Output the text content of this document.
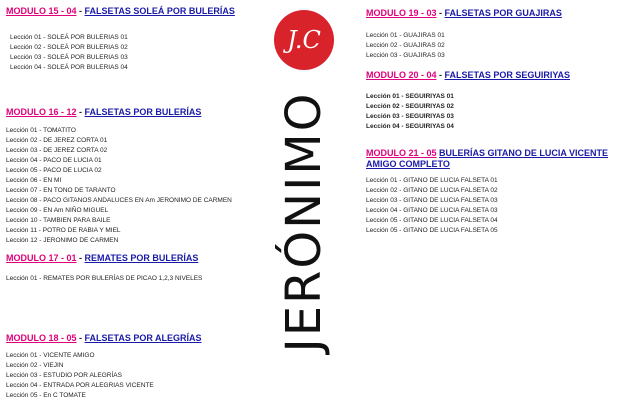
J.C
JERÓNIMO
MODULO 15 - 04 - FALSETAS SOLEÁ POR BULERÍAS
Lección 01 - SOLEÁ POR BULERIAS 01
Lección 02 - SOLEÁ POR BULERIAS 02
Lección 03 - SOLEÁ POR BULERIAS 03
Lección 04 - SOLEÁ POR BULERIAS 04
MODULO 16 - 12 - FALSETAS POR BULERÍAS
Lección 01 - TOMATITO
Lección 02 - DE JEREZ CORTA 01
Lección 03 - DE JEREZ CORTA 02
Lección 04 - PACO DE LUCIA 01
Lección 05 - PACO DE LUCIA 02
Lección 06 - EN MI
Lección 07 - EN TONO DE TARANTO
Lección 08 - PACO GITANOS ANDALUCES EN Am JERONIMO DE CARMEN
Lección 09 - EN Am NIÑO MIGUEL
Lección 10 - TAMBIEN PARA BAILE
Lección 11 - POTRO DE RABIA Y MIEL
Lección 12 - JERONIMO DE CARMEN
MODULO 17 - 01 - REMATES POR BULERÍAS
Lección 01 - REMATES POR BULERÍAS DE PICAO 1,2,3 NIVELES
MODULO 18 - 05 - FALSETAS POR ALEGRÍAS
Lección 01 - VICENTE AMIGO
Lección 02 - VIEJIN
Lección 03 - ESTUDIO POR ALEGRÍAS
Lección 04 - ENTRADA POR ALEGRIAS VICENTE
Lección 05 - En C TOMATE
MODULO 19 - 03 - FALSETAS POR GUAJIRAS
Lección 01 - GUAJIRAS 01
Lección 02 - GUAJIRAS 02
Lección 03 - GUAJIRAS 03
MODULO 20 - 04 - FALSETAS POR SEGUIRIYAS
Lección 01 - SEGUIRIYAS 01
Lección 02 - SEGUIRIYAS 02
Lección 03 - SEGUIRIYAS 03
Lección 04 - SEGUIRIYAS 04
MODULO 21 - 05 BULERÍAS GITANO DE LUCIA VICENTE AMIGO COMPLETO
Lección 01 - GITANO DE LUCIA FALSETA 01
Lección 02 - GITANO DE LUCIA FALSETA 02
Lección 03 - GITANO DE LUCIA FALSETA 03
Lección 04 - GITANO DE LUCIA FALSETA 03
Lección 05 - GITANO DE LUCIA FALSETA 04
Lección 05 - GITANO DE LUCIA FALSETA 05
